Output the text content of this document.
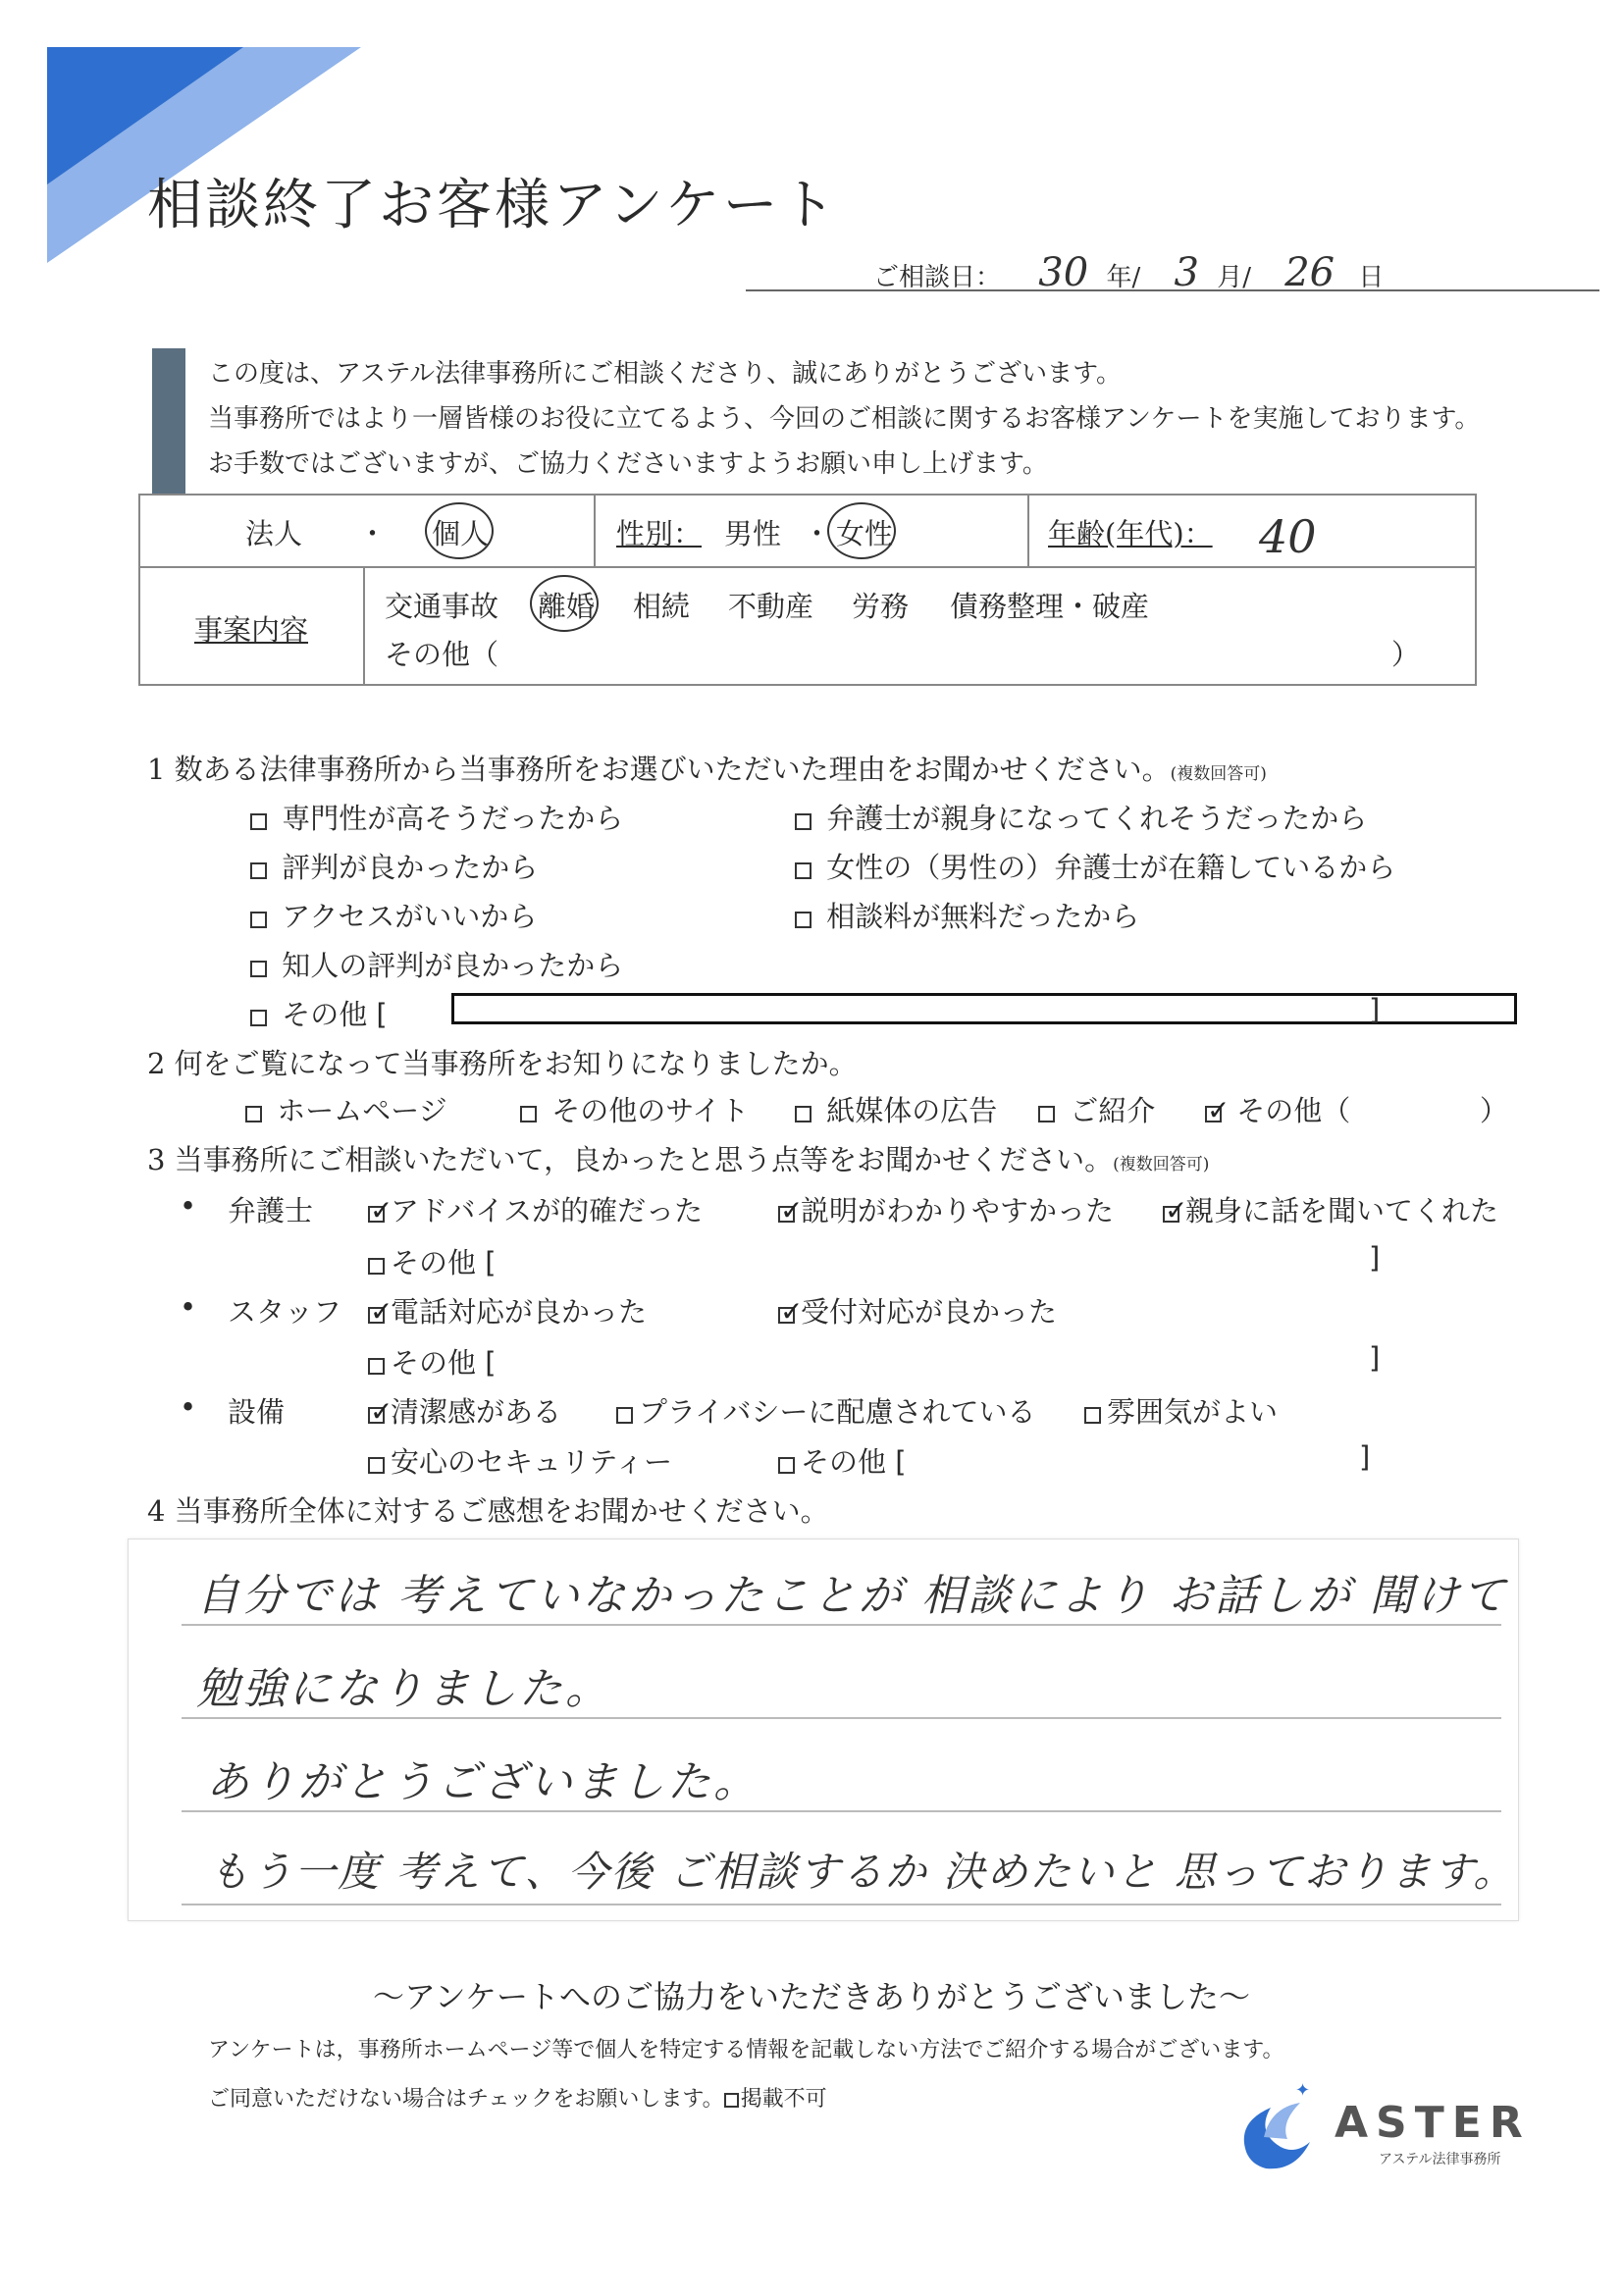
相談終了お客様アンケート
ご相談日： 30 年/ 3 月/ 26 日
この度は、アステル法律事務所にご相談くださり、誠にありがとうございます。
当事務所ではより一層皆様のお役に立てるよう、今回のご相談に関するお客様アンケートを実施しております。
お手数ではございますが、ご協力くださいますようお願い申し上げます。
法人 ・ 個人	性別： 男性 ・ 女性	年齢(年代)： 40
事案内容
交通事故 離婚 相続 不動産 労務 債務整理・破産
その他（	）
1 数ある法律事務所から当事務所をお選びいただいた理由をお聞かせください。(複数回答可)
専門性が高そうだったから	弁護士が親身になってくれそうだったから
評判が良かったから	女性の（男性の）弁護士が在籍しているから
アクセスがいいから	相談料が無料だったから
知人の評判が良かったから
その他 [	]
2 何をご覧になって当事務所をお知りになりましたか。
ホームページ	その他のサイト	紙媒体の広告	ご紹介 ✓	その他（	）
3 当事務所にご相談いただいて，良かったと思う点等をお聞かせください。(複数回答可)
• 弁護士 ✓	アドバイスが的確だった ✓	説明がわかりやすかった ✓	親身に話を聞いてくれた
その他 [	]
• スタッフ ✓	電話対応が良かった ✓	受付対応が良かった
その他 [	]
• 設備 ✓	清潔感がある	プライバシーに配慮されている	雰囲気がよい
安心のセキュリティー	その他 [	]
4 当事務所全体に対するご感想をお聞かせください。
自分では 考えていなかったことが 相談により お話しが 聞けて
勉強になりました。
ありがとうございました。
もう一度 考えて、今後 ご相談するか 決めたいと 思っております。
～アンケートへのご協力をいただきありがとうございました～
アンケートは，事務所ホームページ等で個人を特定する情報を記載しない方法でご紹介する場合がございます。
ご同意いただけない場合はチェックをお願いします。 掲載不可	✦
ASTER
アステル法律事務所
